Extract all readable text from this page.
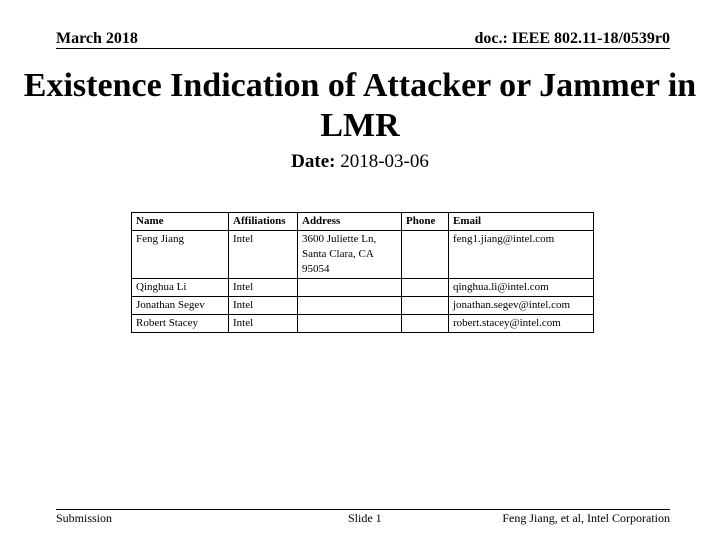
March 2018	doc.: IEEE 802.11-18/0539r0
Existence Indication of Attacker or Jammer in LMR
Date: 2018-03-06
Name	Affiliations	Address	Phone	Email
Feng Jiang	Intel	3600 Juliette Ln, Santa Clara, CA 95054		feng1.jiang@intel.com
Qinghua Li	Intel			qinghua.li@intel.com
Jonathan Segev	Intel			jonathan.segev@intel.com
Robert Stacey	Intel			robert.stacey@intel.com
Submission	Slide 1	Feng Jiang, et al, Intel Corporation
